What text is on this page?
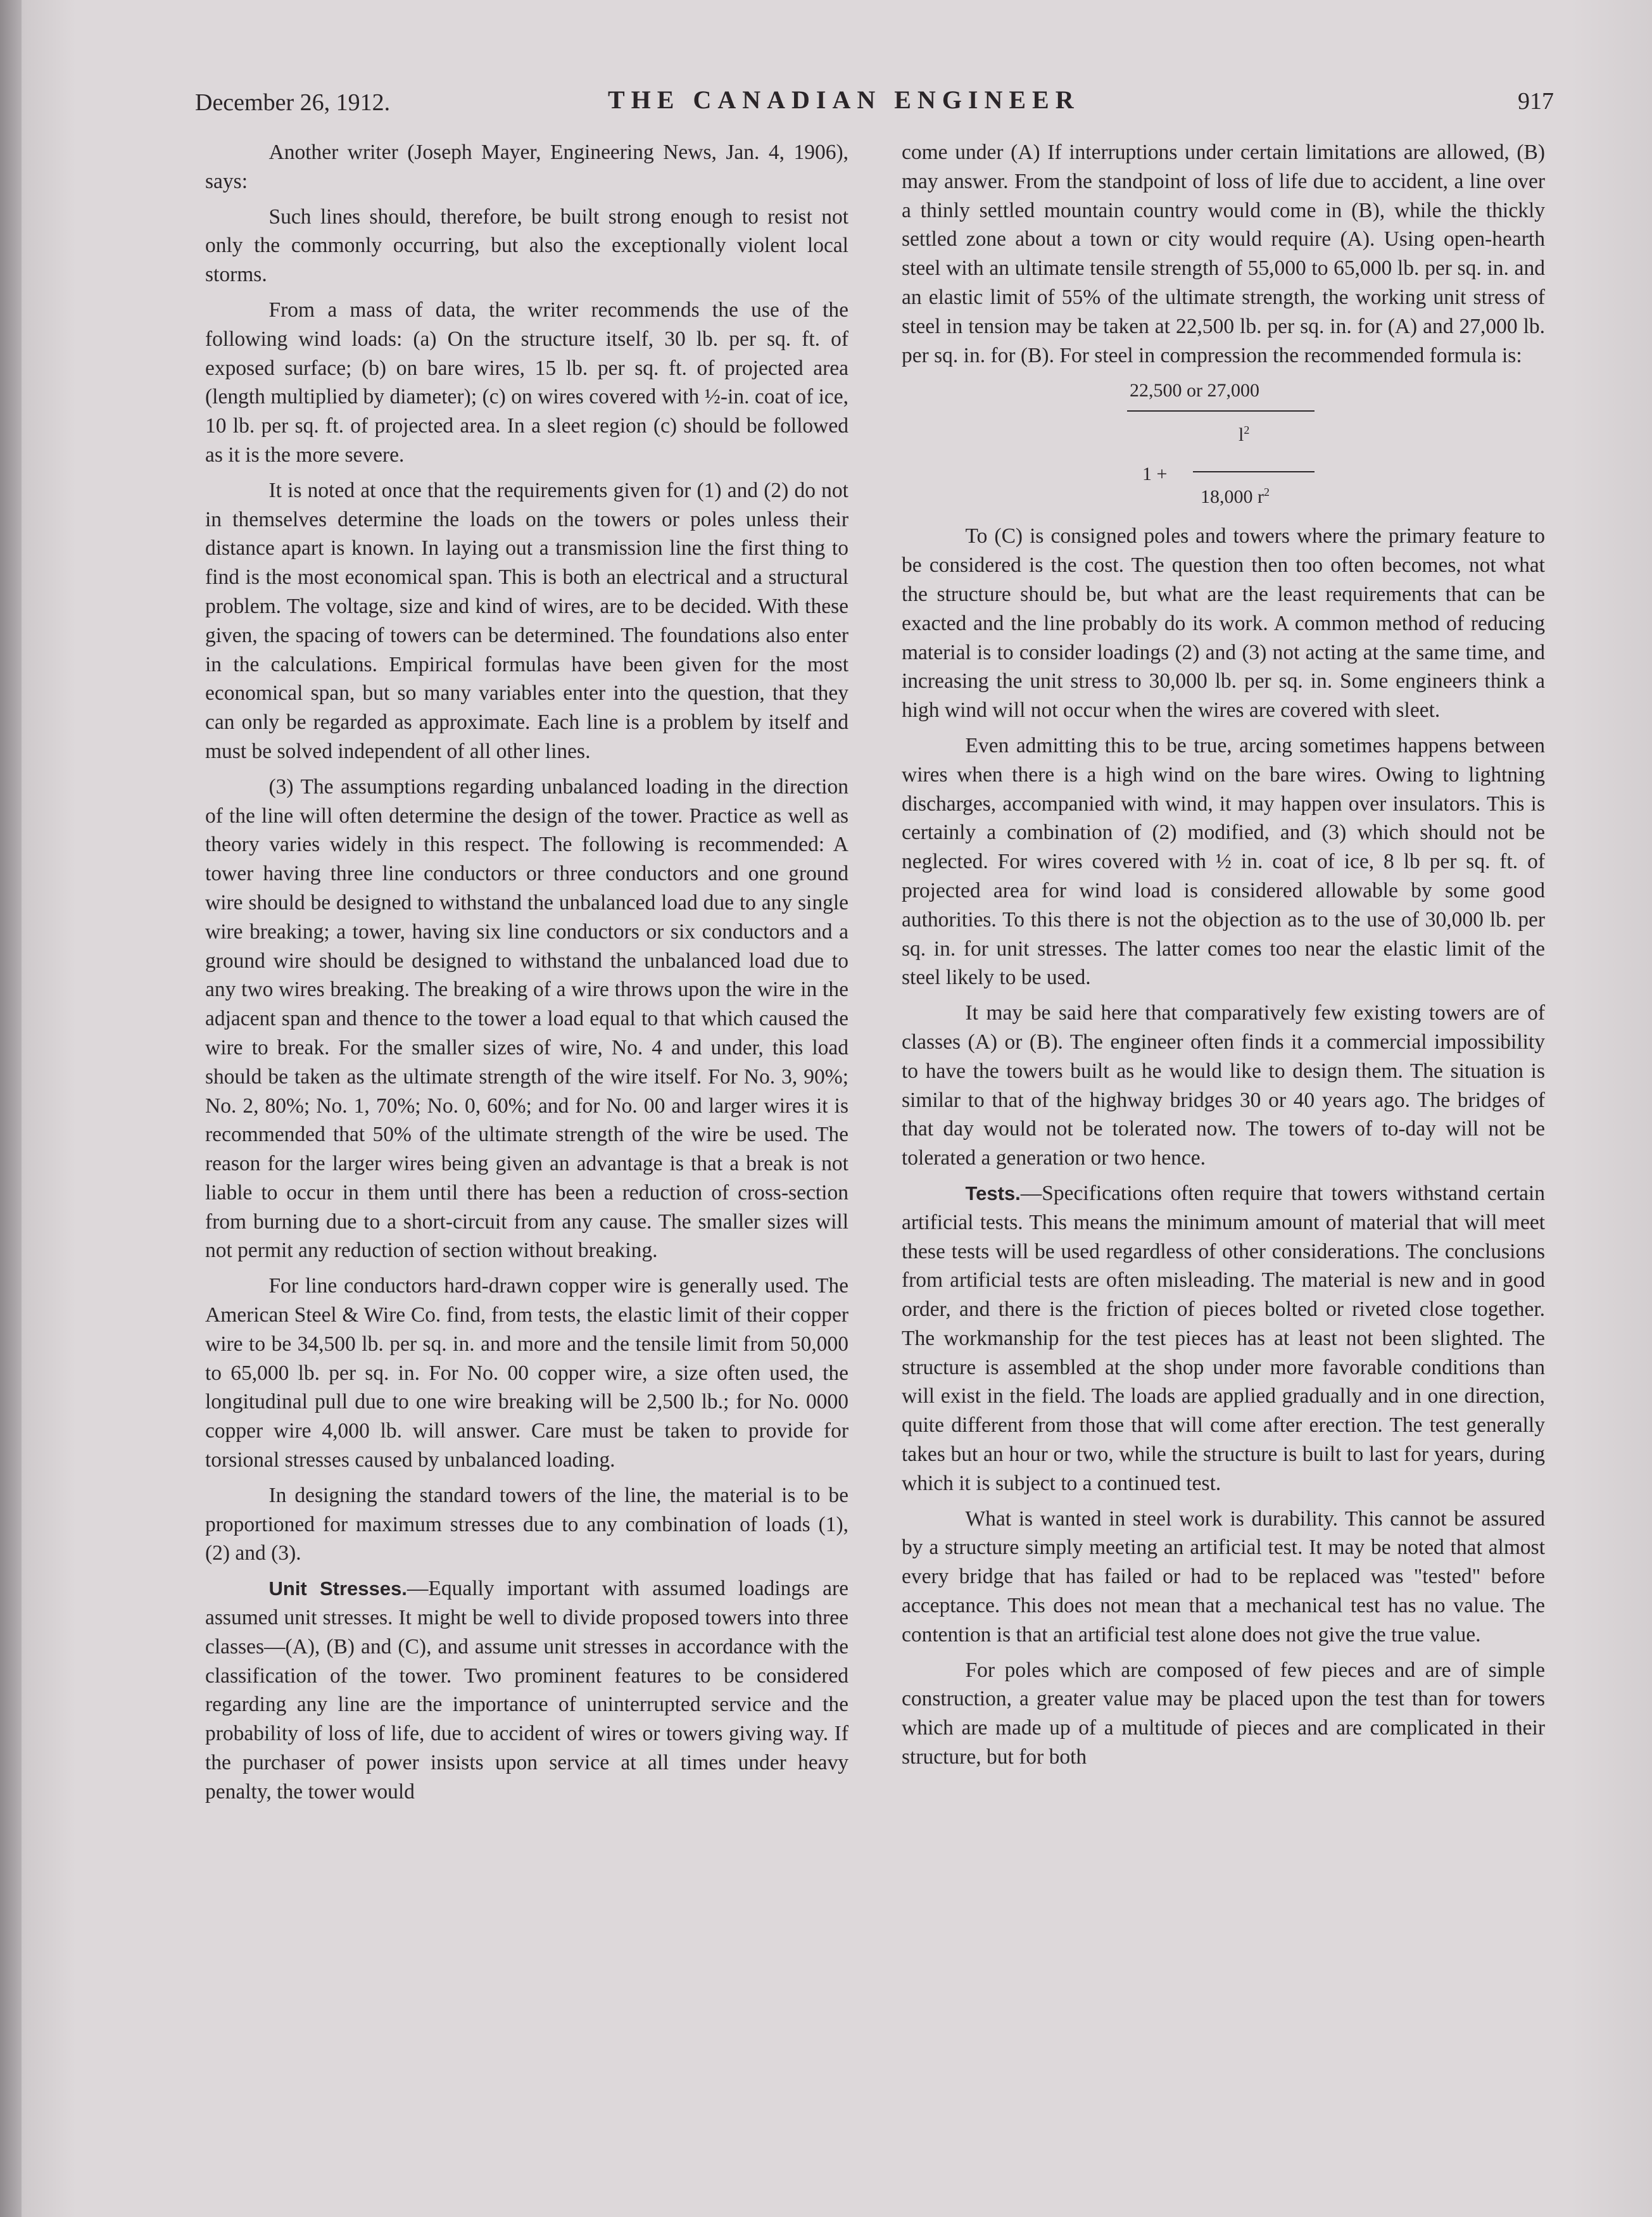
December 26, 1912.	THE CANADIAN ENGINEER	917

Another writer (Joseph Mayer, Engineering News, Jan. 4, 1906), says:

Such lines should, therefore, be built strong enough to resist not only the commonly occurring, but also the exceptionally violent local storms.

From a mass of data, the writer recommends the use of the following wind loads: (a) On the structure itself, 30 lb. per sq. ft. of exposed surface; (b) on bare wires, 15 lb. per sq. ft. of projected area (length multiplied by diameter); (c) on wires covered with ½-in. coat of ice, 10 lb. per sq. ft. of projected area. In a sleet region (c) should be followed as it is the more severe.

It is noted at once that the requirements given for (1) and (2) do not in themselves determine the loads on the towers or poles unless their distance apart is known. In laying out a transmission line the first thing to find is the most economical span. This is both an electrical and a structural problem. The voltage, size and kind of wires, are to be decided. With these given, the spacing of towers can be determined. The foundations also enter in the calculations. Empirical formulas have been given for the most economical span, but so many variables enter into the question, that they can only be regarded as approximate. Each line is a problem by itself and must be solved independent of all other lines.

(3) The assumptions regarding unbalanced loading in the direction of the line will often determine the design of the tower. Practice as well as theory varies widely in this respect. The following is recommended: A tower having three line conductors or three conductors and one ground wire should be designed to withstand the unbalanced load due to any single wire breaking; a tower, having six line conductors or six conductors and a ground wire should be designed to withstand the unbalanced load due to any two wires breaking. The breaking of a wire throws upon the wire in the adjacent span and thence to the tower a load equal to that which caused the wire to break. For the smaller sizes of wire, No. 4 and under, this load should be taken as the ultimate strength of the wire itself. For No. 3, 90%; No. 2, 80%; No. 1, 70%; No. 0, 60%; and for No. 00 and larger wires it is recommended that 50% of the ultimate strength of the wire be used. The reason for the larger wires being given an advantage is that a break is not liable to occur in them until there has been a reduction of cross-section from burning due to a short-circuit from any cause. The smaller sizes will not permit any reduction of section without breaking.

For line conductors hard-drawn copper wire is generally used. The American Steel & Wire Co. find, from tests, the elastic limit of their copper wire to be 34,500 lb. per sq. in. and more and the tensile limit from 50,000 to 65,000 lb. per sq. in. For No. 00 copper wire, a size often used, the longitudinal pull due to one wire breaking will be 2,500 lb.; for No. 0000 copper wire 4,000 lb. will answer. Care must be taken to provide for torsional stresses caused by unbalanced loading.

In designing the standard towers of the line, the material is to be proportioned for maximum stresses due to any combination of loads (1), (2) and (3).

Unit Stresses.—Equally important with assumed loadings are assumed unit stresses. It might be well to divide proposed towers into three classes—(A), (B) and (C), and assume unit stresses in accordance with the classification of the tower. Two prominent features to be considered regarding any line are the importance of uninterrupted service and the probability of loss of life, due to accident of wires or towers giving way. If the purchaser of power insists upon service at all times under heavy penalty, the tower would

come under (A) If interruptions under certain limitations are allowed, (B) may answer. From the standpoint of loss of life due to accident, a line over a thinly settled mountain country would come in (B), while the thickly settled zone about a town or city would require (A). Using open-hearth steel with an ultimate tensile strength of 55,000 to 65,000 lb. per sq. in. and an elastic limit of 55% of the ultimate strength, the working unit stress of steel in tension may be taken at 22,500 lb. per sq. in. for (A) and 27,000 lb. per sq. in. for (B). For steel in compression the recommended formula is:

22,500 or 27,000
$l^2$
1 +
18,000 $r^2$

To (C) is consigned poles and towers where the primary feature to be considered is the cost. The question then too often becomes, not what the structure should be, but what are the least requirements that can be exacted and the line probably do its work. A common method of reducing material is to consider loadings (2) and (3) not acting at the same time, and increasing the unit stress to 30,000 lb. per sq. in. Some engineers think a high wind will not occur when the wires are covered with sleet.

Even admitting this to be true, arcing sometimes happens between wires when there is a high wind on the bare wires. Owing to lightning discharges, accompanied with wind, it may happen over insulators. This is certainly a combination of (2) modified, and (3) which should not be neglected. For wires covered with ½ in. coat of ice, 8 lb per sq. ft. of projected area for wind load is considered allowable by some good authorities. To this there is not the objection as to the use of 30,000 lb. per sq. in. for unit stresses. The latter comes too near the elastic limit of the steel likely to be used.

It may be said here that comparatively few existing towers are of classes (A) or (B). The engineer often finds it a commercial impossibility to have the towers built as he would like to design them. The situation is similar to that of the highway bridges 30 or 40 years ago. The bridges of that day would not be tolerated now. The towers of to-day will not be tolerated a generation or two hence.

Tests.—Specifications often require that towers withstand certain artificial tests. This means the minimum amount of material that will meet these tests will be used regardless of other considerations. The conclusions from artificial tests are often misleading. The material is new and in good order, and there is the friction of pieces bolted or riveted close together. The workmanship for the test pieces has at least not been slighted. The structure is assembled at the shop under more favorable conditions than will exist in the field. The loads are applied gradually and in one direction, quite different from those that will come after erection. The test generally takes but an hour or two, while the structure is built to last for years, during which it is subject to a continued test.

What is wanted in steel work is durability. This cannot be assured by a structure simply meeting an artificial test. It may be noted that almost every bridge that has failed or had to be replaced was "tested" before acceptance. This does not mean that a mechanical test has no value. The contention is that an artificial test alone does not give the true value.

For poles which are composed of few pieces and are of simple construction, a greater value may be placed upon the test than for towers which are made up of a multitude of pieces and are complicated in their structure, but for both
